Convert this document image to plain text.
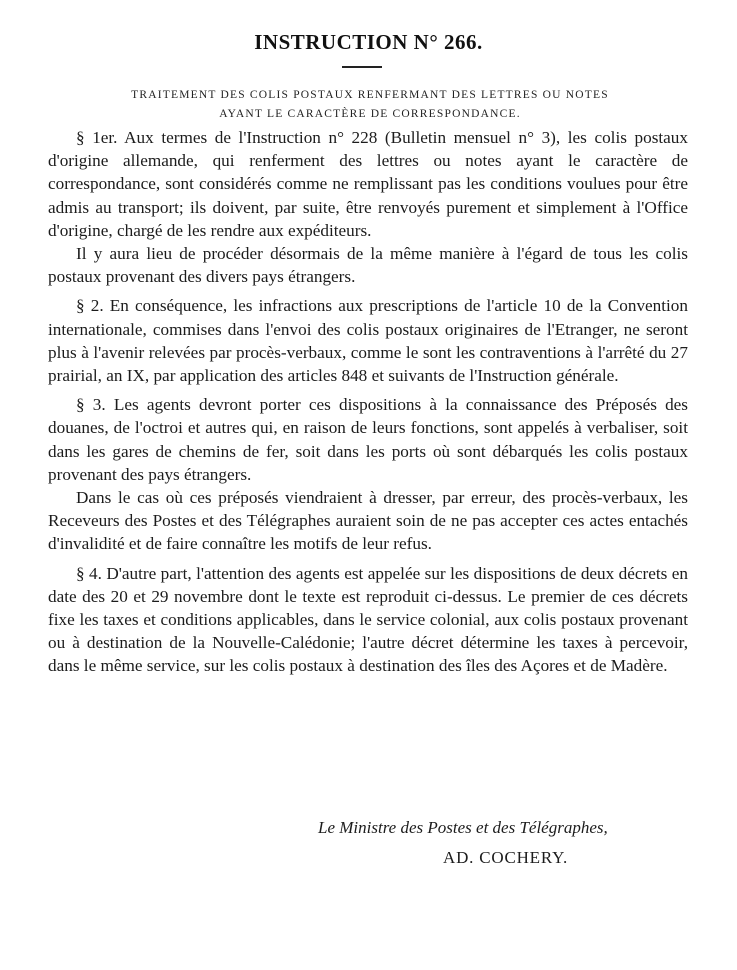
INSTRUCTION N° 266.
TRAITEMENT DES COLIS POSTAUX RENFERMANT DES LETTRES OU NOTES
AYANT LE CARACTÈRE DE CORRESPONDANCE.

§ 1er. Aux termes de l'Instruction n° 228 (Bulletin mensuel n° 3), les colis postaux d'origine allemande, qui renferment des lettres ou notes ayant le caractère de correspondance, sont considérés comme ne remplissant pas les conditions voulues pour être admis au transport; ils doivent, par suite, être renvoyés purement et simplement à l'Office d'origine, chargé de les rendre aux expéditeurs.

Il y aura lieu de procéder désormais de la même manière à l'égard de tous les colis postaux provenant des divers pays étrangers.

§ 2. En conséquence, les infractions aux prescriptions de l'article 10 de la Convention internationale, commises dans l'envoi des colis postaux originaires de l'Etranger, ne seront plus à l'avenir relevées par procès-verbaux, comme le sont les contraventions à l'arrêté du 27 prairial, an IX, par application des articles 848 et suivants de l'Instruction générale.

§ 3. Les agents devront porter ces dispositions à la connaissance des Préposés des douanes, de l'octroi et autres qui, en raison de leurs fonctions, sont appelés à verbaliser, soit dans les gares de chemins de fer, soit dans les ports où sont débarqués les colis postaux provenant des pays étrangers.

Dans le cas où ces préposés viendraient à dresser, par erreur, des procès-verbaux, les Receveurs des Postes et des Télégraphes auraient soin de ne pas accepter ces actes entachés d'invalidité et de faire connaître les motifs de leur refus.

§ 4. D'autre part, l'attention des agents est appelée sur les dispositions de deux décrets en date des 20 et 29 novembre dont le texte est reproduit ci-dessus. Le premier de ces décrets fixe les taxes et conditions applicables, dans le service colonial, aux colis postaux provenant ou à destination de la Nouvelle-Calédonie; l'autre décret détermine les taxes à percevoir, dans le même service, sur les colis postaux à destination des îles des Açores et de Madère.

Le Ministre des Postes et des Télégraphes,
AD. COCHERY.
